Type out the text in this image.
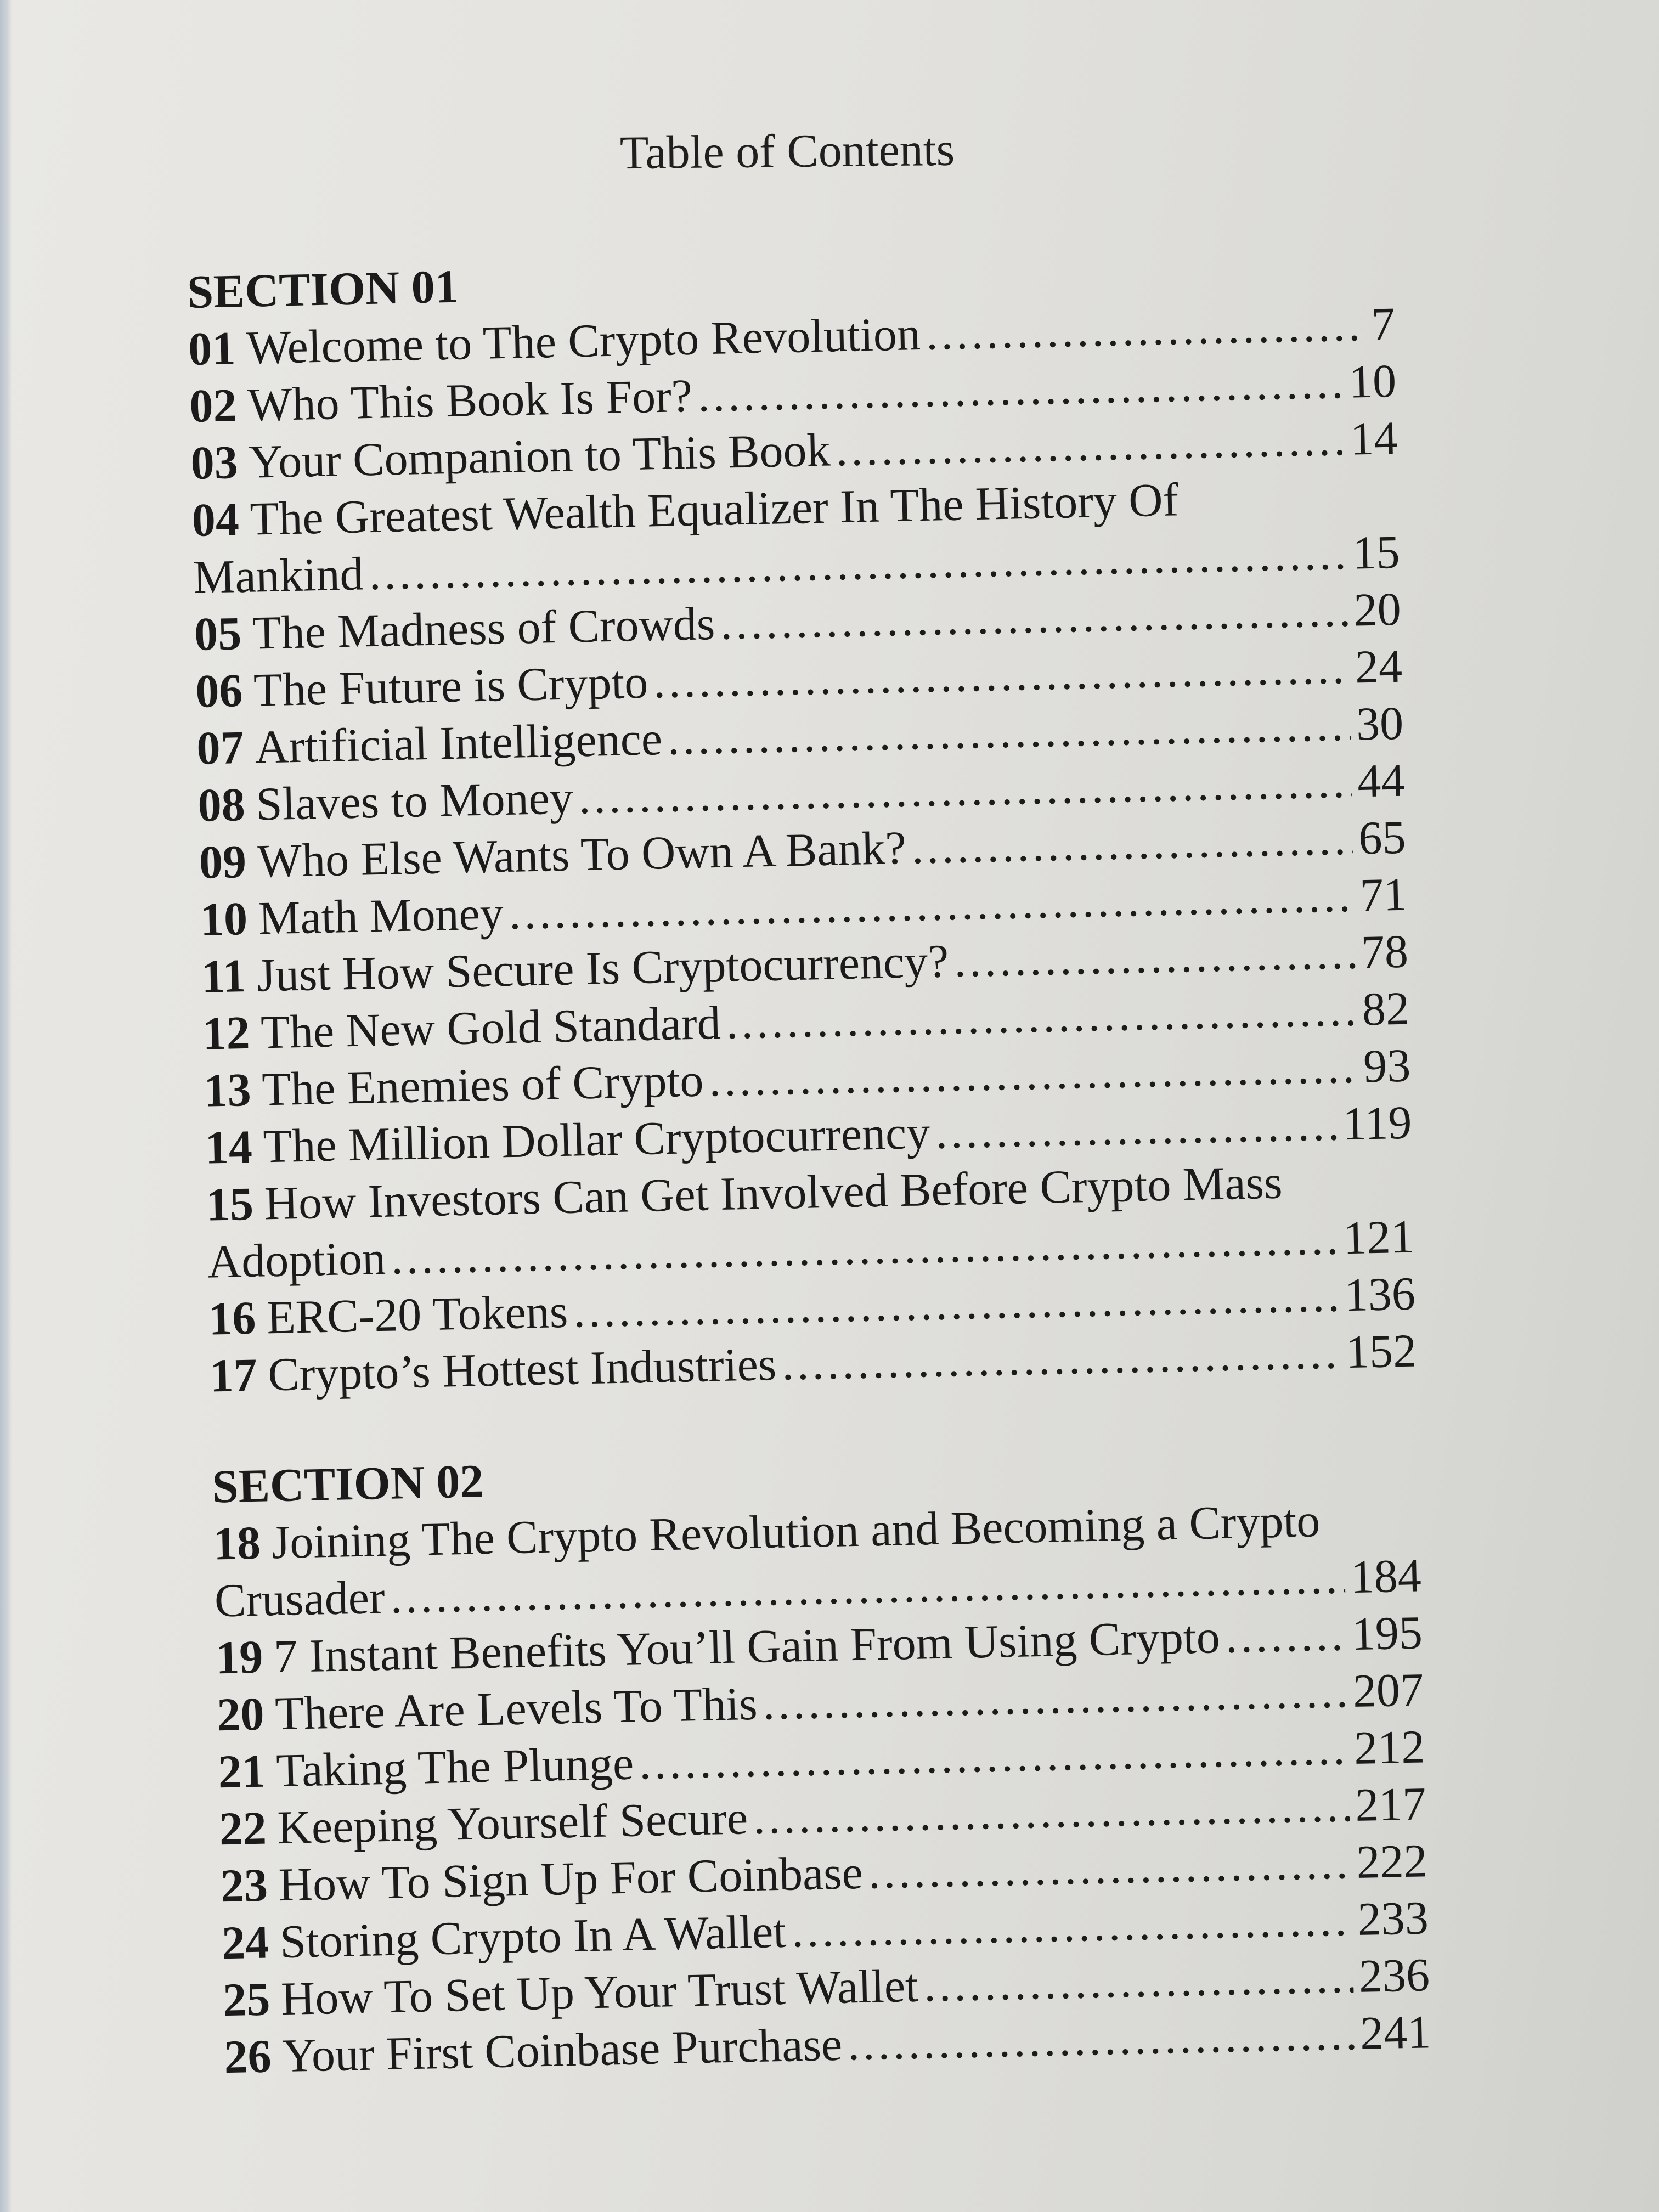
Table of Contents
SECTION 01
01 Welcome to The Crypto Revolution .....	7
02 Who This Book Is For? .....	10
03 Your Companion to This Book .....	14
04 The Greatest Wealth Equalizer In The History Of
Mankind .....	15
05 The Madness of Crowds .....	20
06 The Future is Crypto .....	24
07 Artificial Intelligence .....	30
08 Slaves to Money .....	44
09 Who Else Wants To Own A Bank? .....	65
10 Math Money .....	71
11 Just How Secure Is Cryptocurrency? .....	78
12 The New Gold Standard .....	82
13 The Enemies of Crypto .....	93
14 The Million Dollar Cryptocurrency .....	119
15 How Investors Can Get Involved Before Crypto Mass
Adoption .....	121
16 ERC-20 Tokens .....	136
17 Crypto’s Hottest Industries .....	152
SECTION 02
18 Joining The Crypto Revolution and Becoming a Crypto
Crusader .....	184
19 7 Instant Benefits You’ll Gain From Using Crypto .....	195
20 There Are Levels To This .....	207
21 Taking The Plunge .....	212
22 Keeping Yourself Secure .....	217
23 How To Sign Up For Coinbase .....	222
24 Storing Crypto In A Wallet .....	233
25 How To Set Up Your Trust Wallet .....	236
26 Your First Coinbase Purchase .....	241
